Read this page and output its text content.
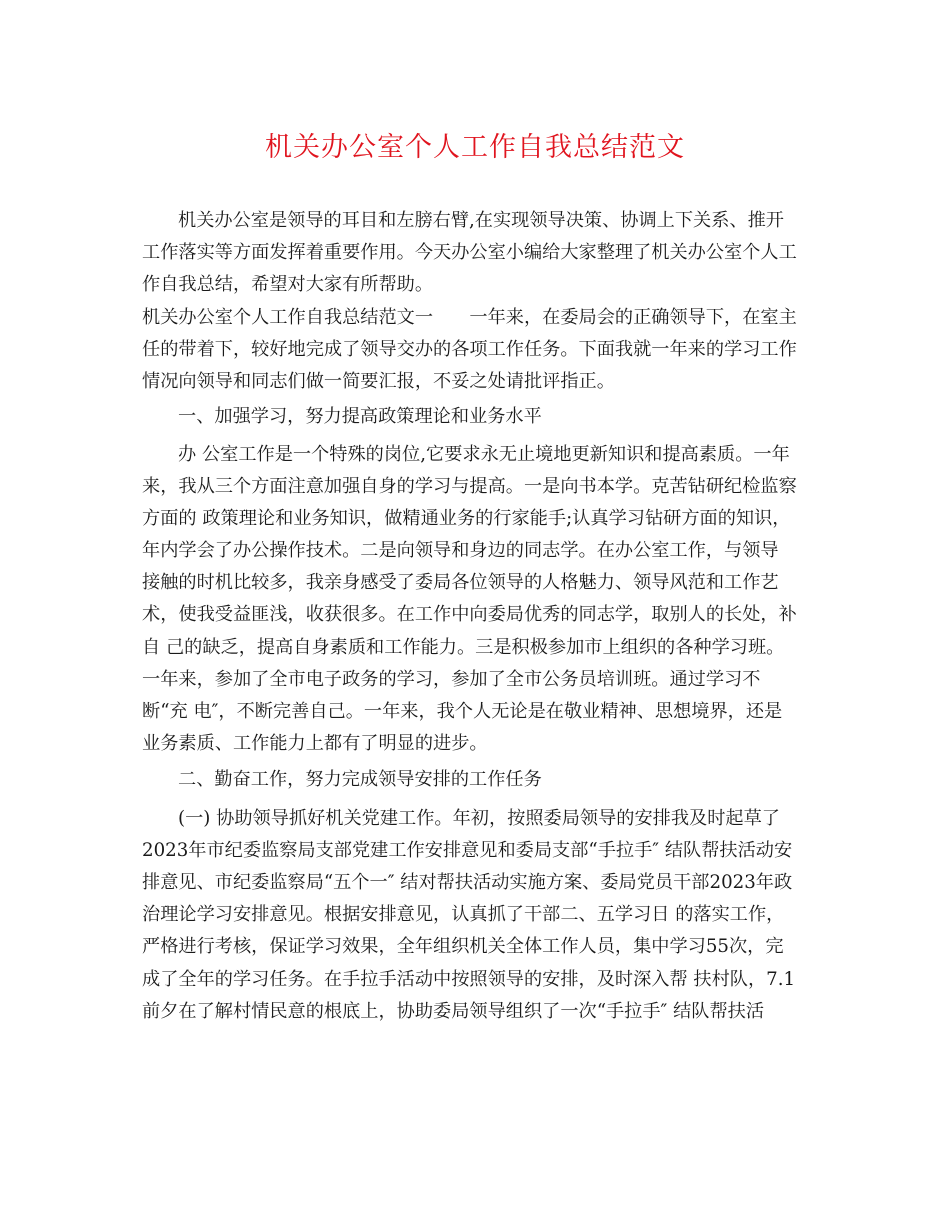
机关办公室个人工作自我总结范文
机关办公室是领导的耳目和左膀右臂,在实现领导决策、协调上下关系、推开
工作落实等方面发挥着重要作用。今天办公室小编给大家整理了机关办公室个人工
作自我总结，希望对大家有所帮助。
机关办公室个人工作自我总结范文一　　一年来，在委局会的正确领导下，在室主
任的带着下，较好地完成了领导交办的各项工作任务。下面我就一年来的学习工作
情况向领导和同志们做一简要汇报，不妥之处请批评指正。
一、加强学习，努力提高政策理论和业务水平
办 公室工作是一个特殊的岗位,它要求永无止境地更新知识和提高素质。一年
来，我从三个方面注意加强自身的学习与提高。一是向书本学。克苦钻研纪检监察
方面的 政策理论和业务知识，做精通业务的行家能手;认真学习钻研方面的知识，
年内学会了办公操作技术。二是向领导和身边的同志学。在办公室工作，与领导
接触的时机比较多，我亲身感受了委局各位领导的人格魅力、领导风范和工作艺
术，使我受益匪浅，收获很多。在工作中向委局优秀的同志学，取别人的长处，补
自 己的缺乏，提高自身素质和工作能力。三是积极参加市上组织的各种学习班。
一年来，参加了全市电子政务的学习，参加了全市公务员培训班。通过学习不
断“充 电″，不断完善自己。一年来，我个人无论是在敬业精神、思想境界，还是
业务素质、工作能力上都有了明显的进步。
二、勤奋工作，努力完成领导安排的工作任务
(一) 协助领导抓好机关党建工作。年初，按照委局领导的安排我及时起草了
2023年市纪委监察局支部党建工作安排意见和委局支部“手拉手″ 结队帮扶活动安
排意见、市纪委监察局“五个一″ 结对帮扶活动实施方案、委局党员干部2023年政
治理论学习安排意见。根据安排意见，认真抓了干部二、五学习日 的落实工作，
严格进行考核，保证学习效果，全年组织机关全体工作人员，集中学习55次，完
成了全年的学习任务。在手拉手活动中按照领导的安排，及时深入帮 扶村队，7.1
前夕在了解村情民意的根底上，协助委局领导组织了一次“手拉手″ 结队帮扶活
